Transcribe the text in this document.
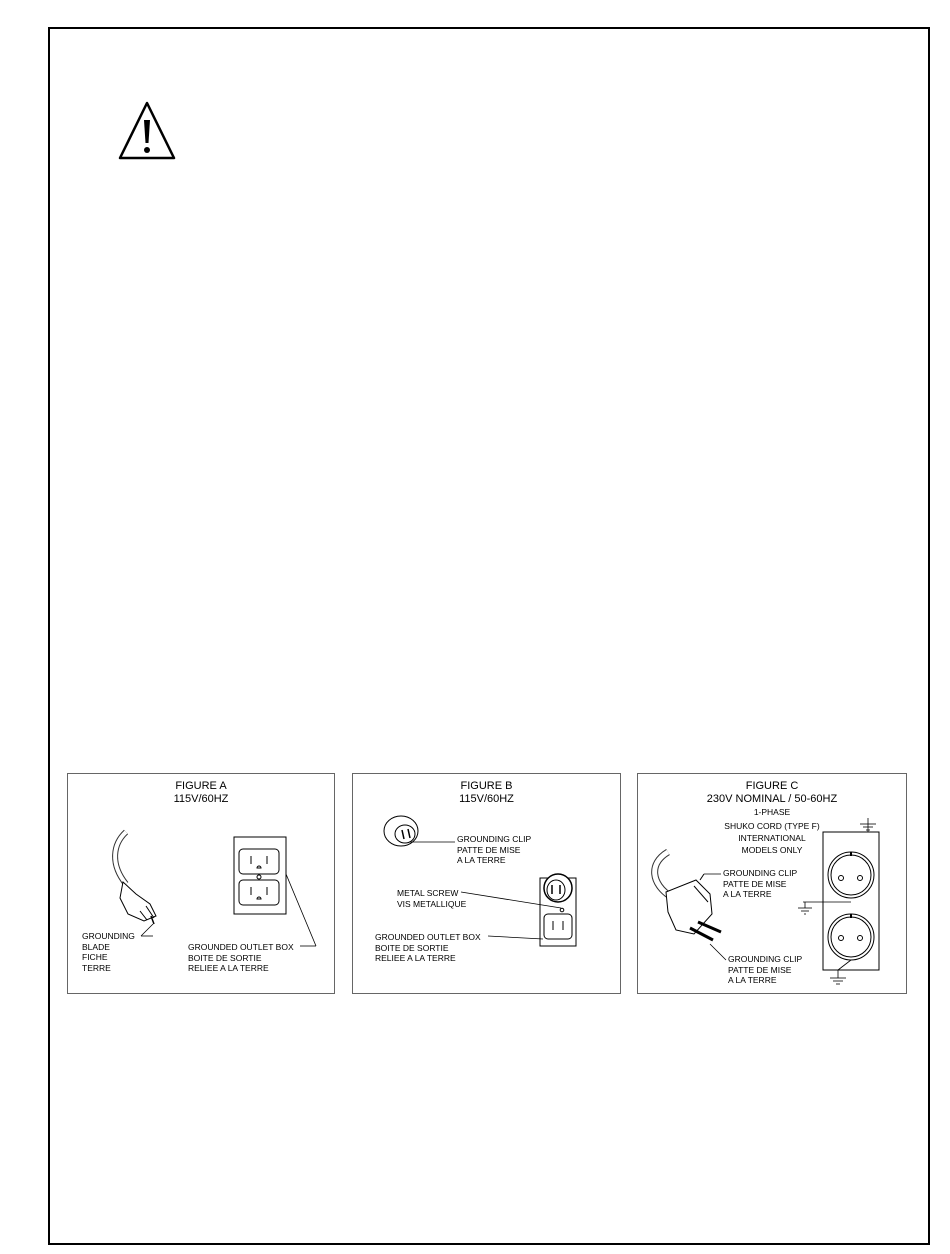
FIGURE A
115V/60HZ
GROUNDING
BLADE
FICHE
TERRE
GROUNDED OUTLET BOX
BOITE DE SORTIE
RELIEE A LA TERRE
FIGURE B
115V/60HZ
GROUNDING CLIP
PATTE DE MISE
A LA TERRE
METAL SCREW
VIS METALLIQUE
GROUNDED OUTLET BOX
BOITE DE SORTIE
RELIEE A LA TERRE
FIGURE C
230V NOMINAL / 50-60HZ
1-PHASE
SHUKO CORD (TYPE F)
INTERNATIONAL
MODELS ONLY
GROUNDING CLIP
PATTE DE MISE
A LA TERRE
GROUNDING CLIP
PATTE DE MISE
A LA TERRE
